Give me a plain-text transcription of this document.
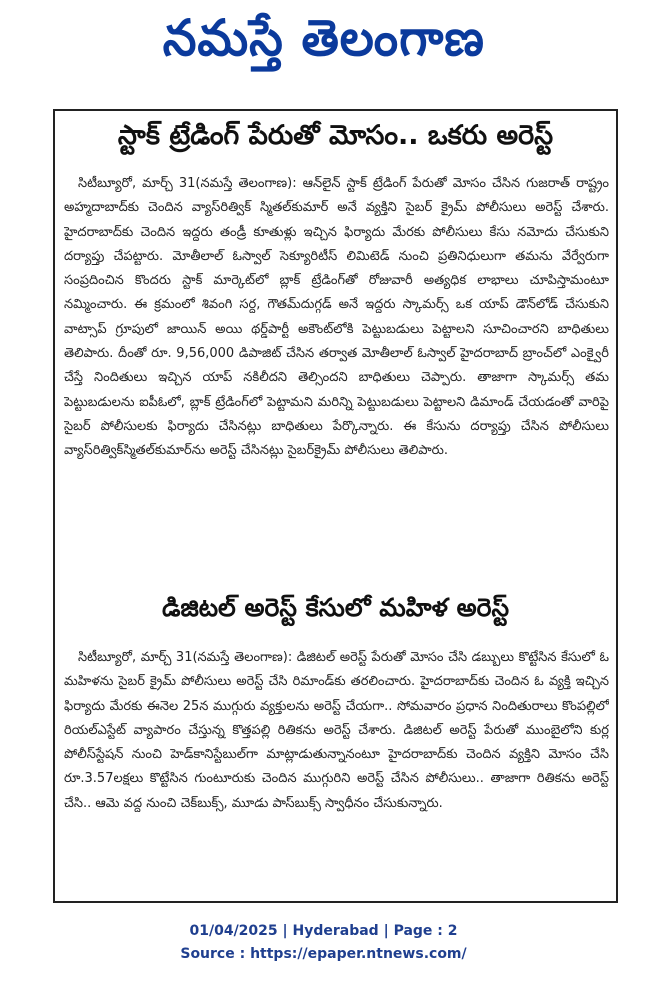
నమస్తే తెలంగాణ
స్టాక్ ట్రేడింగ్ పేరుతో మోసం.. ఒకరు అరెస్ట్
సిటీబ్యూరో, మార్చ్ 31(నమస్తే తెలంగాణ): ఆన్‌లైన్ స్టాక్ ట్రేడింగ్ పేరుతో మోసం చేసిన గుజరాత్ రాష్ట్రం అహ్మదాబాద్‌కు చెందిన వ్యాస్‌రిత్విక్ స్మితల్‌కుమార్ అనే వ్యక్తిని సైబర్ క్రైమ్ పోలీసులు అరెస్ట్ చేశారు. హైదరాబాద్‌కు చెందిన ఇద్దరు తండ్రీ కూతుళ్లు ఇచ్చిన ఫిర్యాదు మేరకు పోలీసులు కేసు నమోదు చేసుకుని దర్యాప్తు చేపట్టారు. మోతీలాల్ ఓస్వాల్ సెక్యూరిటీస్ లిమిటెడ్ నుంచి ప్రతినిధులుగా తమను వేర్వేరుగా సంప్రదించిన కొందరు స్టాక్ మార్కెట్‌లో బ్లాక్ ట్రేడింగ్‌తో రోజువారీ అత్యధిక లాభాలు చూపిస్తామంటూ నమ్మించారు. ఈ క్రమంలో శివంగి సర్ద, గౌతమ్‌దుగ్గడ్ అనే ఇద్దరు స్కామర్స్ ఒక యాప్ డౌన్‌లోడ్ చేసుకుని వాట్సాప్ గ్రూపులో జాయిన్ అయి థర్డ్‌పార్టీ అకౌంట్‌లోకి పెట్టుబడులు పెట్టాలని సూచించారని బాధితులు తెలిపారు. దీంతో రూ. 9,56,000 డిపాజిట్ చేసిన తర్వాత మోతీలాల్ ఓస్వాల్ హైదరాబాద్ బ్రాంచ్‌లో ఎంక్వైరీ చేస్తే నిందితులు ఇచ్చిన యాప్ నకిలీదని తెల్సిందని బాధితులు చెప్పారు. తాజాగా స్కామర్స్ తమ పెట్టుబడులను ఐపీఓలో, బ్లాక్ ట్రేడింగ్‌లో పెట్టామని మరిన్ని పెట్టుబడులు పెట్టాలని డిమాండ్ చేయడంతో వారిపై సైబర్ పోలీసులకు ఫిర్యాదు చేసినట్లు బాధితులు పేర్కొన్నారు. ఈ కేసును దర్యాప్తు చేసిన పోలీసులు వ్యాస్‌రిత్విక్‌స్మితల్‌కుమార్‌ను అరెస్ట్ చేసినట్లు సైబర్‌క్రైమ్ పోలీసులు తెలిపారు.
డిజిటల్ అరెస్ట్ కేసులో మహిళ అరెస్ట్
సిటీబ్యూరో, మార్చ్ 31(నమస్తే తెలంగాణ): డిజిటల్ అరెస్ట్ పేరుతో మోసం చేసి డబ్బులు కొట్టేసిన కేసులో ఓ మహిళను సైబర్ క్రైమ్ పోలీసులు అరెస్ట్ చేసి రిమాండ్‌కు తరలించారు. హైదరాబాద్‌కు చెందిన ఓ వ్యక్తి ఇచ్చిన ఫిర్యాదు మేరకు ఈనెల 25న ముగ్గురు వ్యక్తులను అరెస్ట్ చేయగా.. సోమవారం ప్రధాన నిందితురాలు కొంపల్లిలో రియల్‌ఎస్టేట్ వ్యాపారం చేస్తున్న కొత్తపల్లి రితికను అరెస్ట్ చేశారు. డిజిటల్ అరెస్ట్ పేరుతో ముంబైలోని కుర్ల పోలీస్‌స్టేషన్ నుంచి హెడ్‌కానిస్టేబుల్‌గా మాట్లాడుతున్నానంటూ హైదరాబాద్‌కు చెందిన వ్యక్తిని మోసం చేసి రూ.3.57లక్షలు కొట్టేసిన గుంటూరుకు చెందిన ముగ్గురిని అరెస్ట్ చేసిన పోలీసులు.. తాజాగా రితికను అరెస్ట్ చేసి.. ఆమె వద్ద నుంచి చెక్‌బుక్స్, మూడు పాస్‌బుక్స్ స్వాధీనం చేసుకున్నారు.
01/04/2025 | Hyderabad | Page : 2
Source : https://epaper.ntnews.com/
